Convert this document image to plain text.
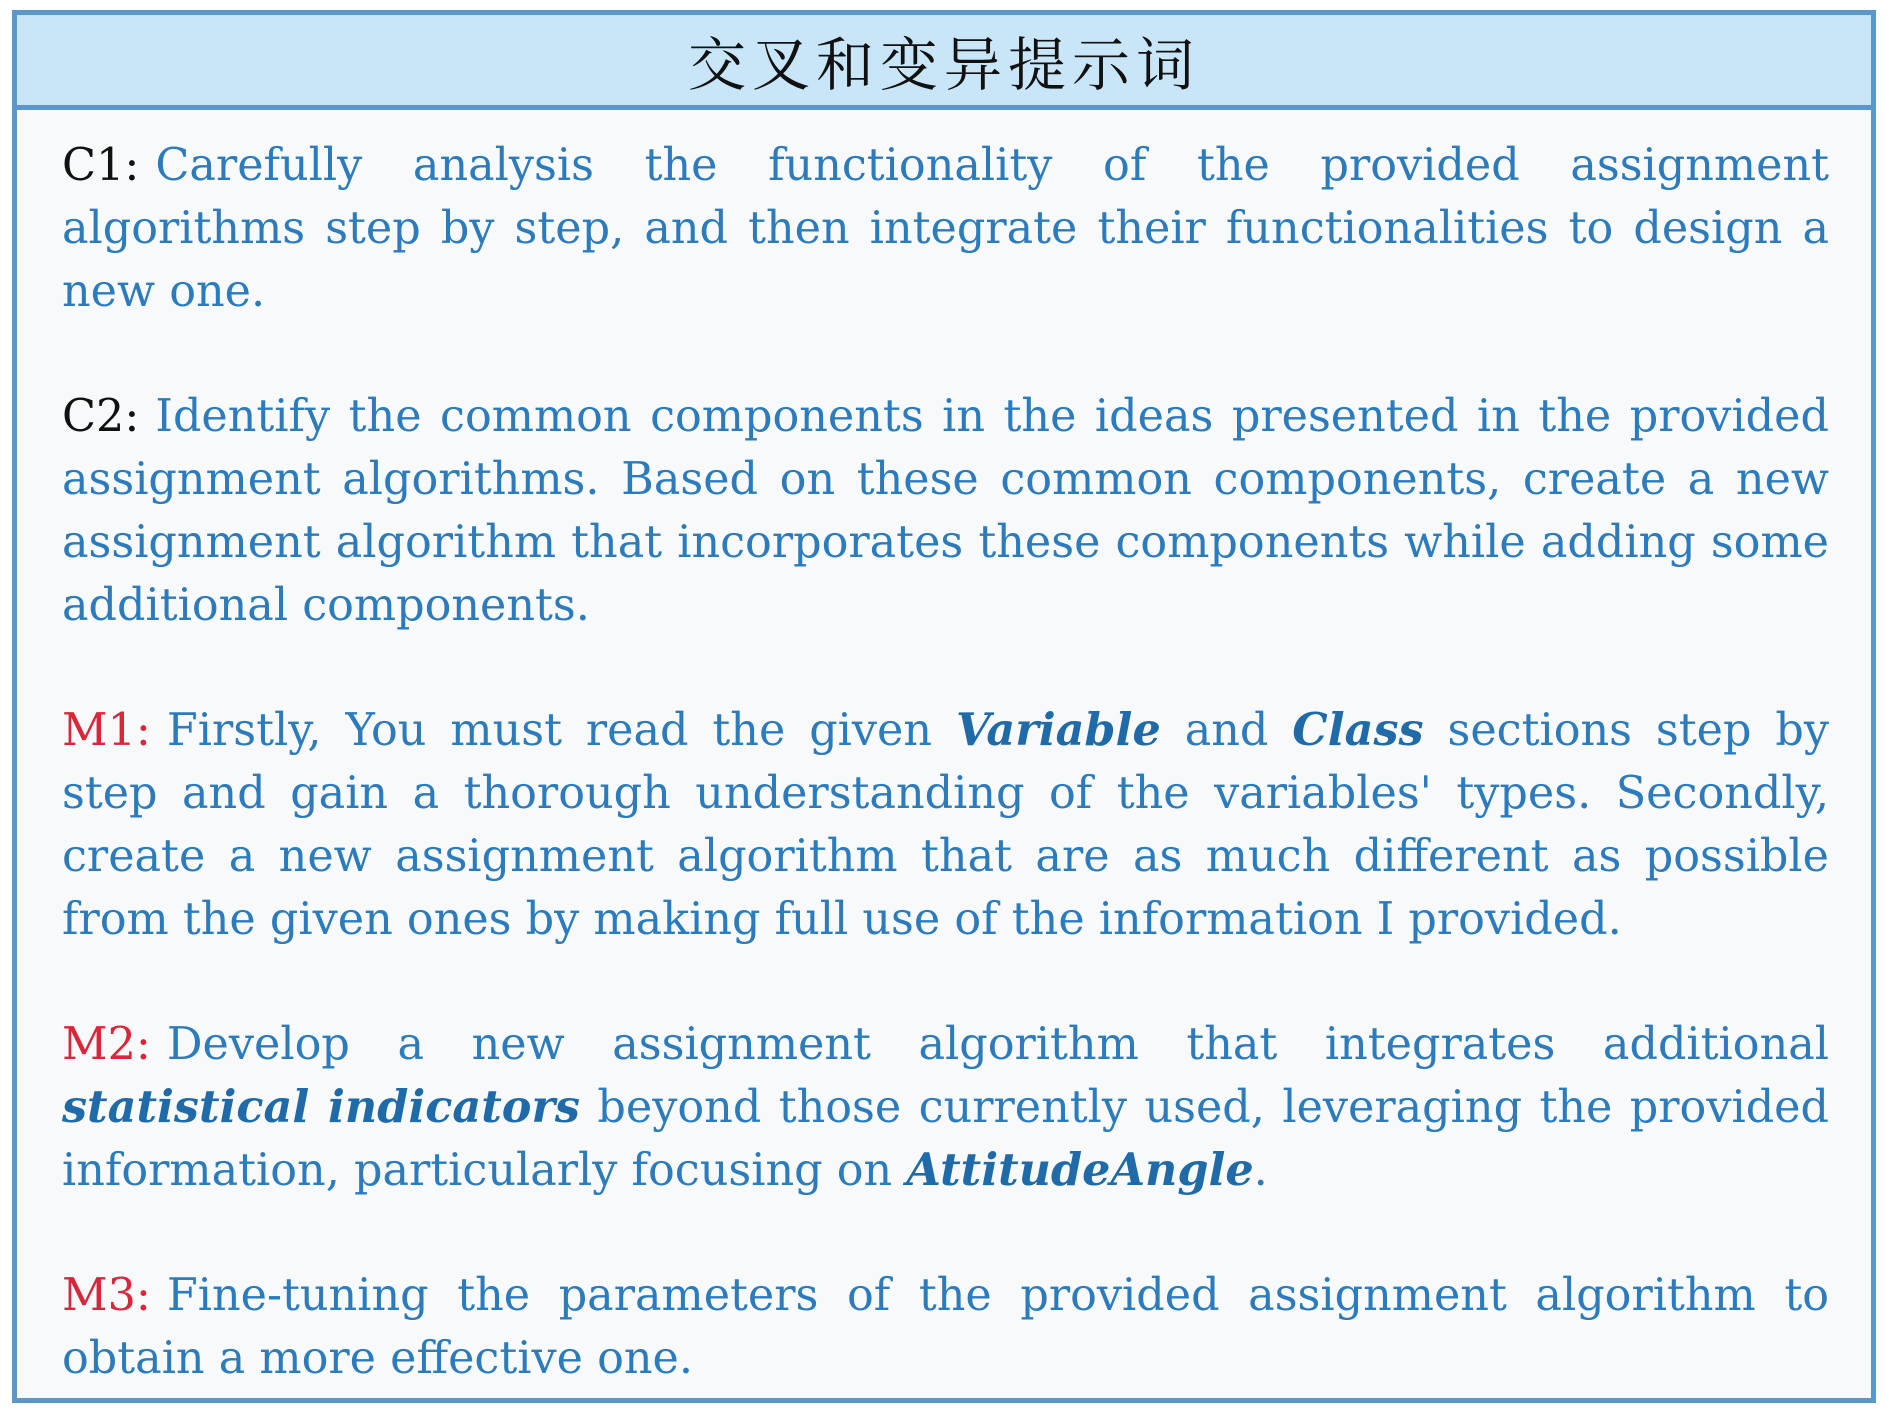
交叉和变异提示词

C1: Carefully analysis the functionality of the provided assignment algorithms step by step, and then integrate their functionalities to design a new one.

C2: Identify the common components in the ideas presented in the provided assignment algorithms. Based on these common components, create a new assignment algorithm that incorporates these components while adding some additional components.

M1: Firstly, You must read the given Variable and Class sections step by step and gain a thorough understanding of the variables' types. Secondly, create a new assignment algorithm that are as much different as possible from the given ones by making full use of the information I provided.

M2: Develop a new assignment algorithm that integrates additional statistical indicators beyond those currently used, leveraging the provided information, particularly focusing on AttitudeAngle.

M3: Fine-tuning the parameters of the provided assignment algorithm to obtain a more effective one.
